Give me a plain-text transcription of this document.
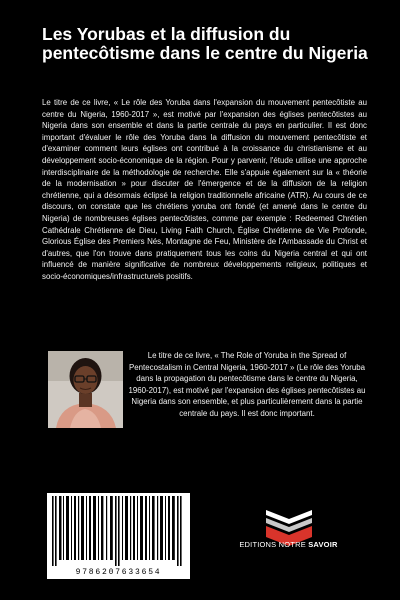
Les Yorubas et la diffusion du pentecôtisme dans le centre du Nigeria

Le titre de ce livre, « Le rôle des Yoruba dans l'expansion du mouvement pentecôtiste au centre du Nigeria, 1960-2017 », est motivé par l'expansion des églises pentecôtistes au Nigeria dans son ensemble et dans la partie centrale du pays en particulier. Il est donc important d'évaluer le rôle des Yoruba dans la diffusion du mouvement pentecôtiste et d'examiner comment leurs églises ont contribué à la croissance du christianisme et au développement socio-économique de la région. Pour y parvenir, l'étude utilise une approche interdisciplinaire de la méthodologie de recherche. Elle s'appuie également sur la « théorie de la modernisation » pour discuter de l'émergence et de la diffusion de la religion chrétienne, qui a désormais éclipsé la religion traditionnelle africaine (ATR). Au cours de ce discours, on constate que les chrétiens yoruba ont fondé (et amené dans le centre du Nigeria) de nombreuses églises pentecôtistes, comme par exemple : Redeemed Chrétien Cathédrale Chrétienne de Dieu, Living Faith Church, Église Chrétienne de Vie Profonde, Glorious Église des Premiers Nés, Montagne de Feu, Ministère de l'Ambassade du Christ et d'autres, que l'on trouve dans pratiquement tous les coins du Nigeria central et qui ont influencé de manière significative de nombreux développements religieux, politiques et socio-économiques/infrastructurels positifs.

Le titre de ce livre, « The Role of Yoruba in the Spread of Pentecostalism in Central Nigeria, 1960-2017 » (Le rôle des Yoruba dans la propagation du pentecôtisme dans le centre du Nigeria, 1960-2017), est motivé par l'expansion des églises pentecôtistes au Nigeria dans son ensemble, et plus particulièrement dans la partie centrale du pays. Il est donc important.

9786207633654
EDITIONS NOTRE SAVOIR
